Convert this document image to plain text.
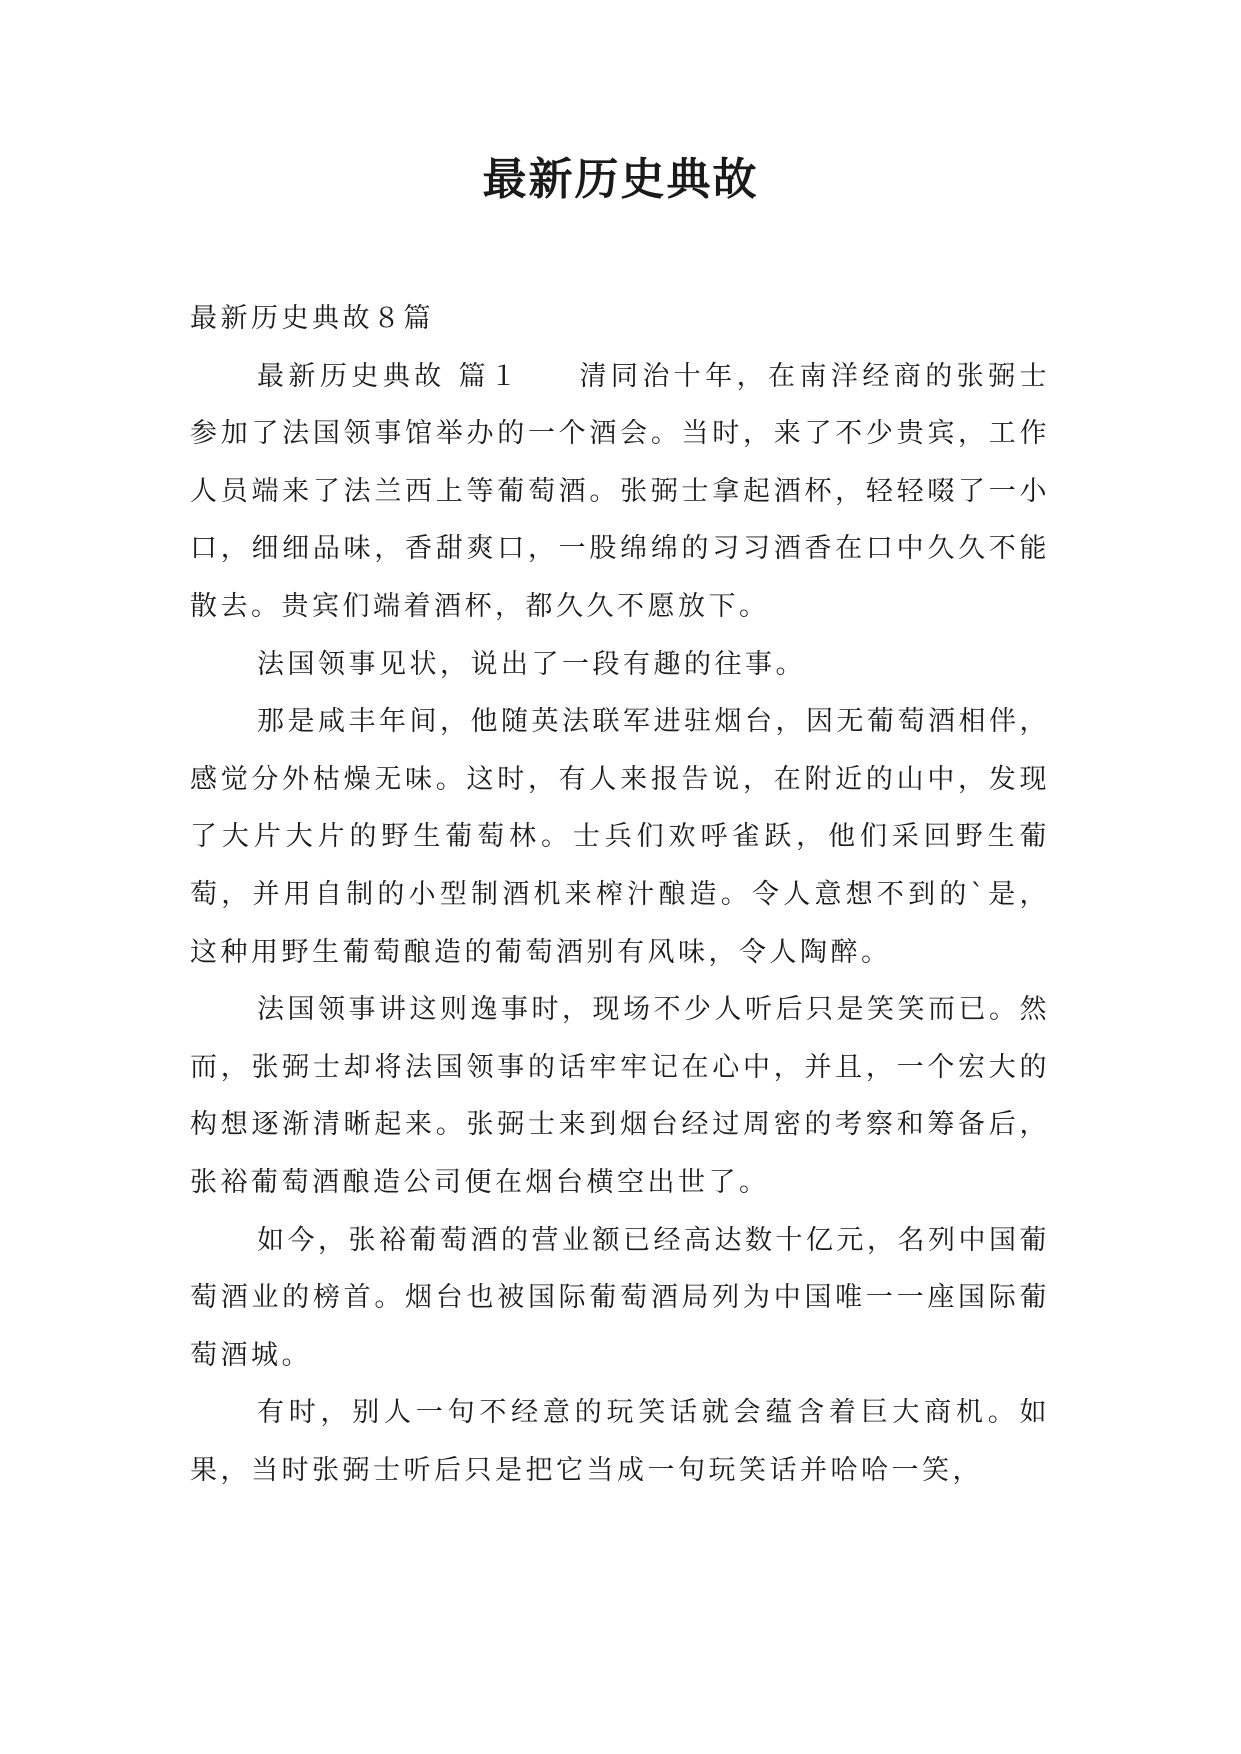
最新历史典故

最新历史典故８篇

最新历史典故 篇１ 清同治十年，在南洋经商的张弼士参加了法国领事馆举办的一个酒会。当时，来了不少贵宾，工作人员端来了法兰西上等葡萄酒。张弼士拿起酒杯，轻轻啜了一小口，细细品味，香甜爽口，一股绵绵的习习酒香在口中久久不能散去。贵宾们端着酒杯，都久久不愿放下。

法国领事见状，说出了一段有趣的往事。

那是咸丰年间，他随英法联军进驻烟台，因无葡萄酒相伴，感觉分外枯燥无味。这时，有人来报告说，在附近的山中，发现了大片大片的野生葡萄林。士兵们欢呼雀跃，他们采回野生葡萄，并用自制的小型制酒机来榨汁酿造。令人意想不到的`是，这种用野生葡萄酿造的葡萄酒别有风味，令人陶醉。

法国领事讲这则逸事时，现场不少人听后只是笑笑而已。然而，张弼士却将法国领事的话牢牢记在心中，并且，一个宏大的构想逐渐清晰起来。张弼士来到烟台经过周密的考察和筹备后，张裕葡萄酒酿造公司便在烟台横空出世了。

如今，张裕葡萄酒的营业额已经高达数十亿元，名列中国葡萄酒业的榜首。烟台也被国际葡萄酒局列为中国唯一一座国际葡萄酒城。

有时，别人一句不经意的玩笑话就会蕴含着巨大商机。如果，当时张弼士听后只是把它当成一句玩笑话并哈哈一笑，
